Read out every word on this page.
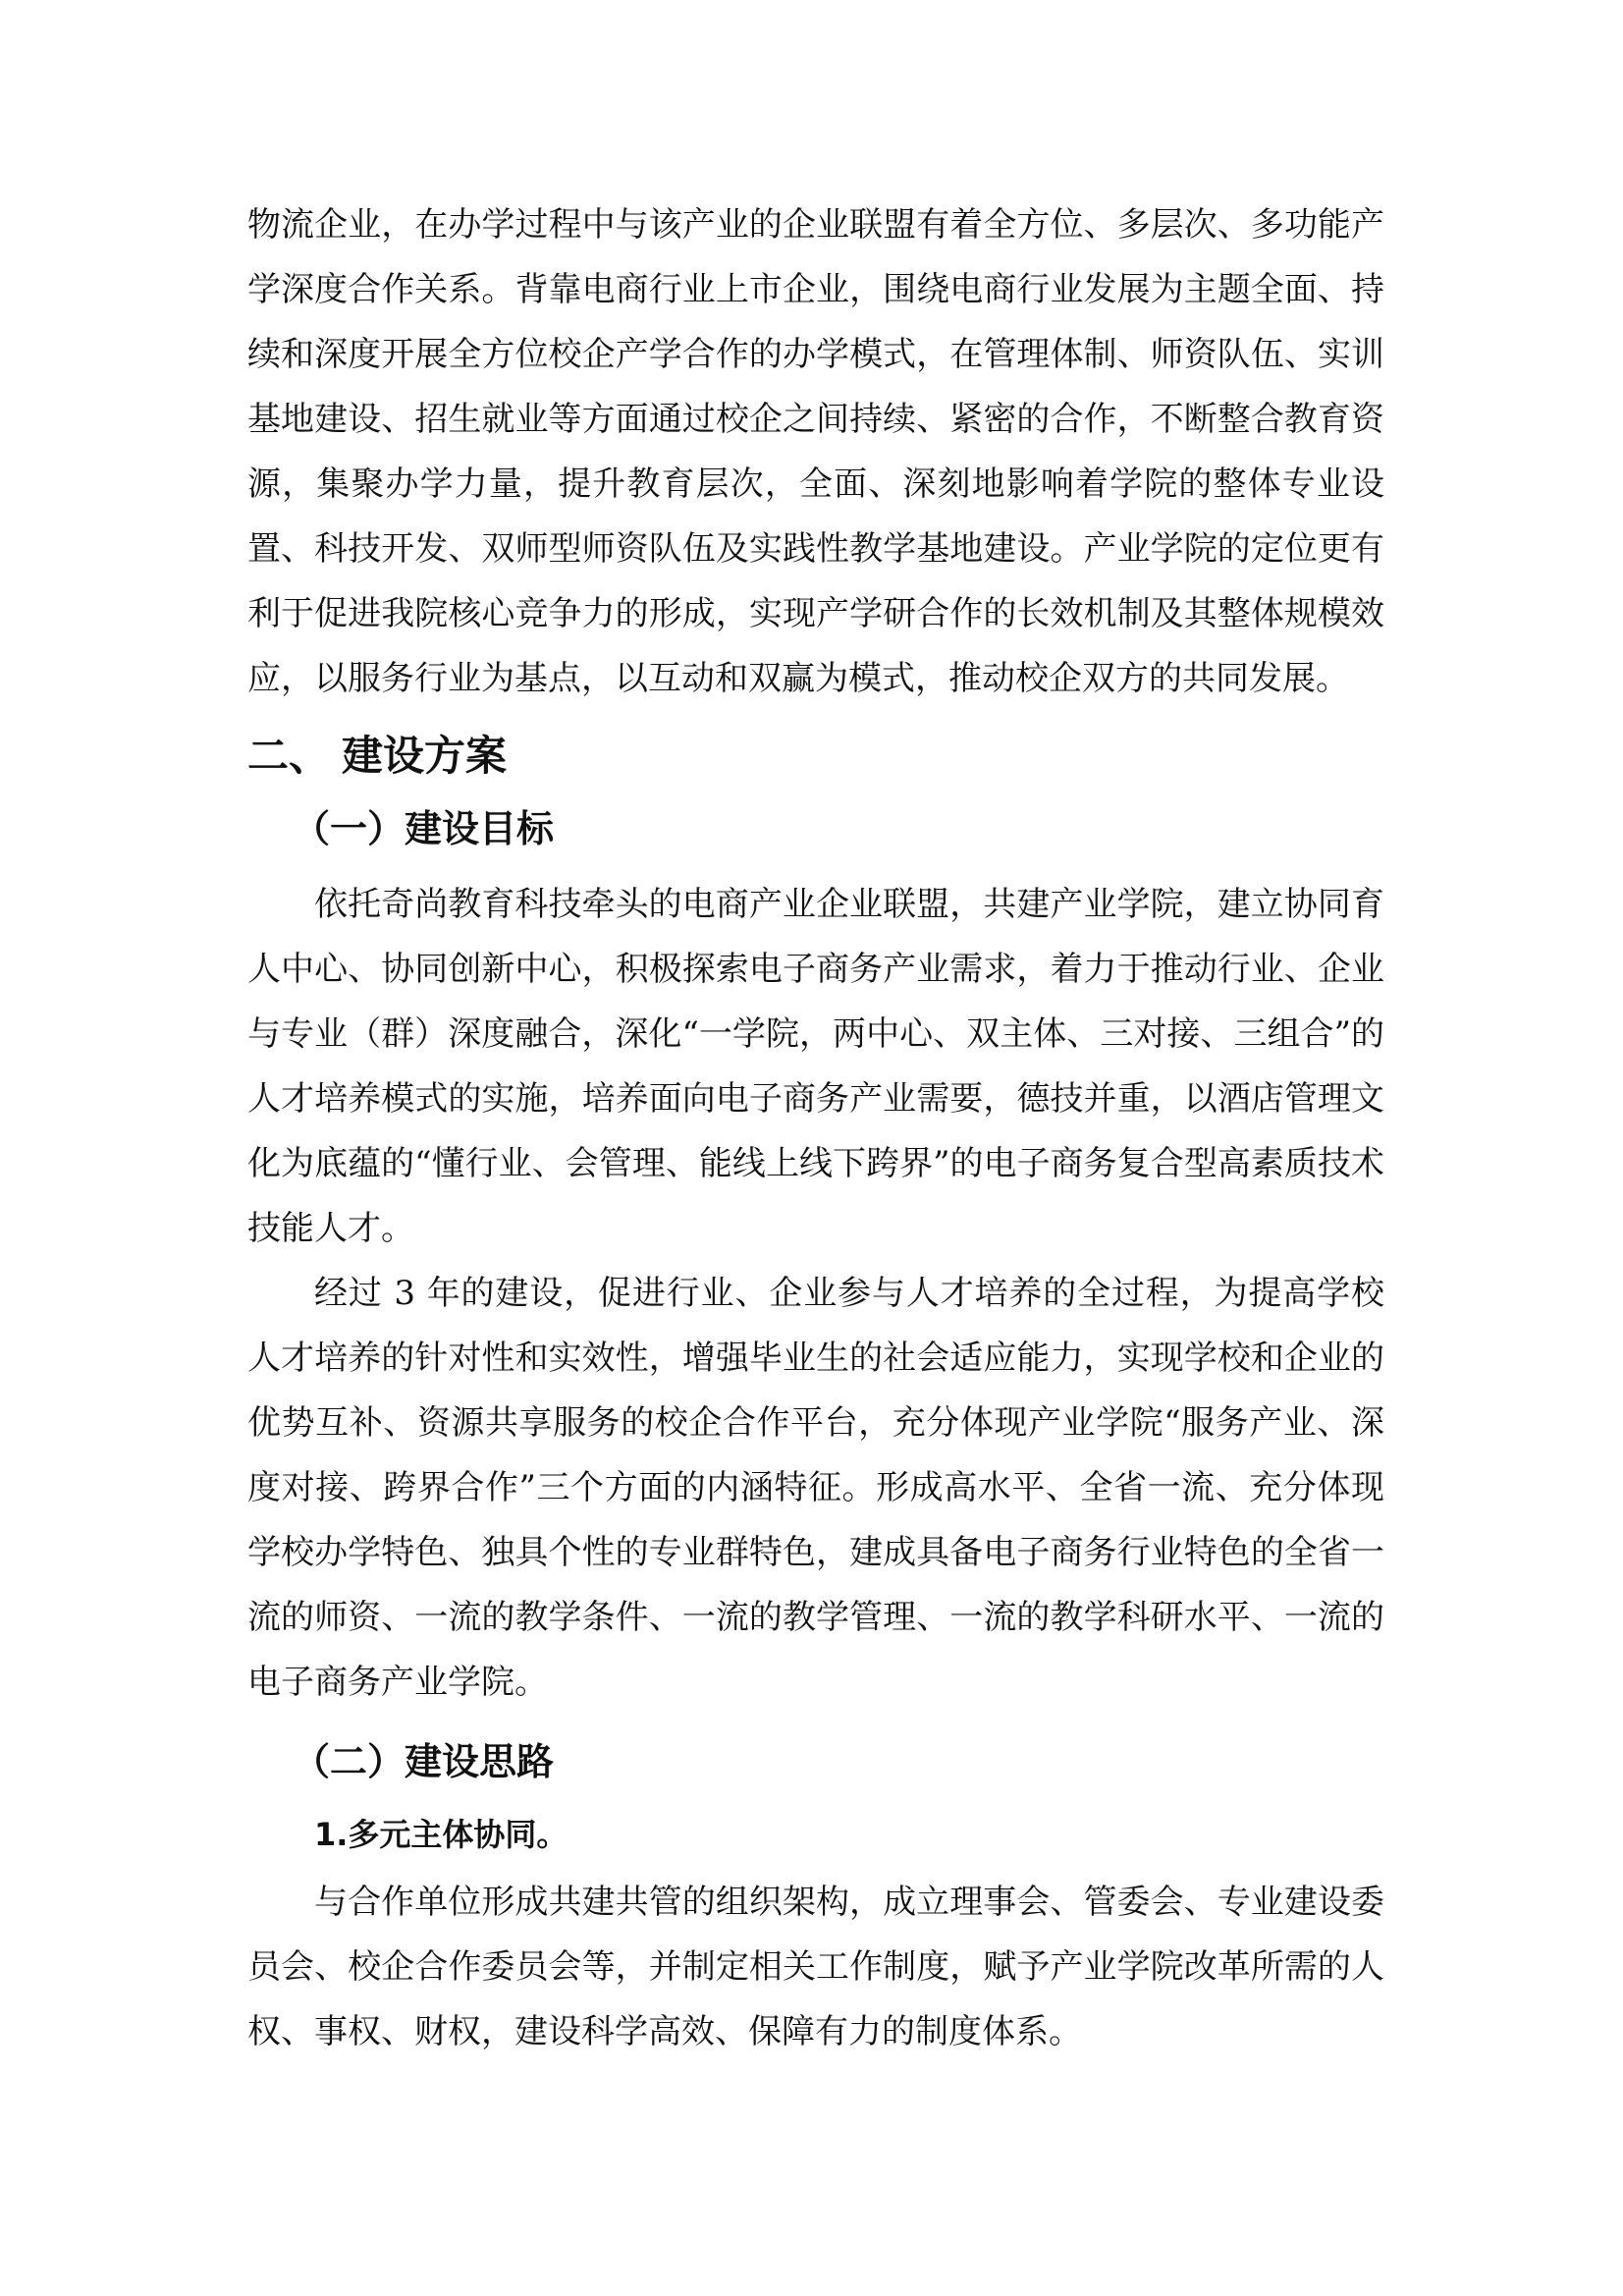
物流企业，在办学过程中与该产业的企业联盟有着全方位、多层次、多功能产学深度合作关系。背靠电商行业上市企业，围绕电商行业发展为主题全面、持续和深度开展全方位校企产学合作的办学模式，在管理体制、师资队伍、实训基地建设、招生就业等方面通过校企之间持续、紧密的合作，不断整合教育资源，集聚办学力量，提升教育层次，全面、深刻地影响着学院的整体专业设置、科技开发、双师型师资队伍及实践性教学基地建设。产业学院的定位更有利于促进我院核心竞争力的形成，实现产学研合作的长效机制及其整体规模效应，以服务行业为基点，以互动和双赢为模式，推动校企双方的共同发展。

二、 建设方案
（一）建设目标

依托奇尚教育科技牵头的电商产业企业联盟，共建产业学院，建立协同育人中心、协同创新中心，积极探索电子商务产业需求，着力于推动行业、企业与专业（群）深度融合，深化“一学院，两中心、双主体、三对接、三组合”的人才培养模式的实施，培养面向电子商务产业需要，德技并重，以酒店管理文化为底蕴的“懂行业、会管理、能线上线下跨界”的电子商务复合型高素质技术技能人才。

经过 3 年的建设，促进行业、企业参与人才培养的全过程，为提高学校人才培养的针对性和实效性，增强毕业生的社会适应能力，实现学校和企业的优势互补、资源共享服务的校企合作平台，充分体现产业学院“服务产业、深度对接、跨界合作”三个方面的内涵特征。形成高水平、全省一流、充分体现学校办学特色、独具个性的专业群特色，建成具备电子商务行业特色的全省一流的师资、一流的教学条件、一流的教学管理、一流的教学科研水平、一流的电子商务产业学院。

（二）建设思路
1.多元主体协同。

与合作单位形成共建共管的组织架构，成立理事会、管委会、专业建设委员会、校企合作委员会等，并制定相关工作制度，赋予产业学院改革所需的人权、事权、财权，建设科学高效、保障有力的制度体系。
